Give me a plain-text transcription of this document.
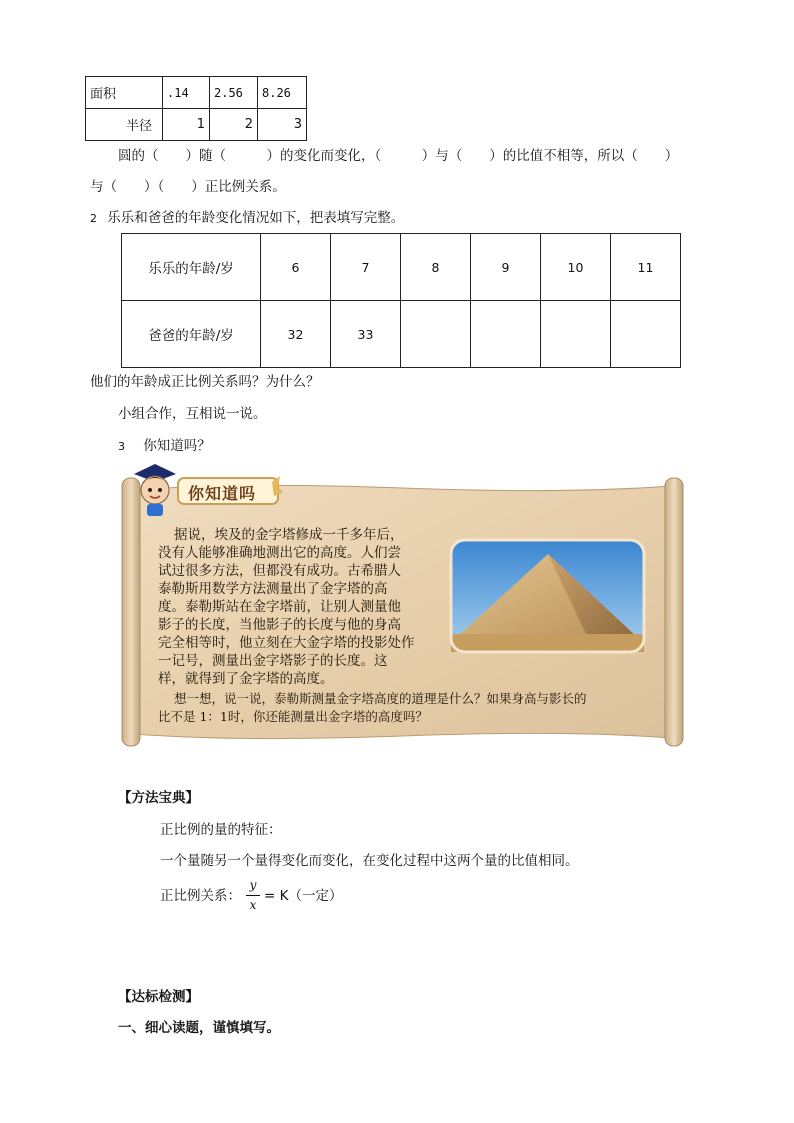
面积	.14	2.56	8.26
半径	1	2	3
圆的（　　）随（　　　）的变化而变化，（　　　）与（　　）的比值不相等，所以（　　）
与（　　）（　　）正比例关系。
2 乐乐和爸爸的年龄变化情况如下，把表填写完整。
乐乐的年龄/岁	6	7	8	9	10	11
爸爸的年龄/岁	32	33				
他们的年龄成正比例关系吗？为什么？
小组合作，互相说一说。
3 你知道吗？
你知道吗
据说，埃及的金字塔修成一千多年后，
没有人能够准确地测出它的高度。人们尝
试过很多方法，但都没有成功。古希腊人
泰勒斯用数学方法测量出了金字塔的高
度。泰勒斯站在金字塔前，让别人测量他
影子的长度，当他影子的长度与他的身高
完全相等时，他立刻在大金字塔的投影处作
一记号，测量出金字塔影子的长度。这
样，就得到了金字塔的高度。
想一想，说一说，泰勒斯测量金字塔高度的道理是什么？如果身高与影长的
比不是 1：1时，你还能测量出金字塔的高度吗？
【方法宝典】
正比例的量的特征：
一个量随另一个量得变化而变化，在变化过程中这两个量的比值相同。
正比例关系：
y
x
= K（一定）
【达标检测】
一、细心读题，谨慎填写。
